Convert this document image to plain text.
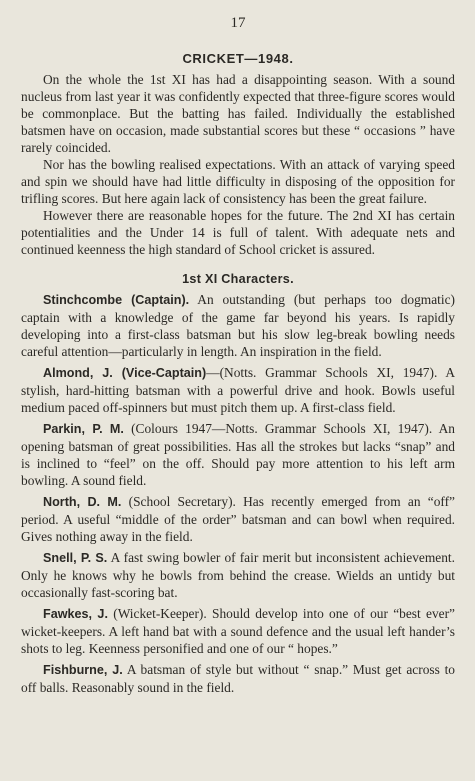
17
CRICKET—1948.

On the whole the 1st XI has had a disappointing season. With a sound nucleus from last year it was confidently expected that three-figure scores would be commonplace. But the batting has failed. Individually the established batsmen have on occasion, made substantial scores but these “ occasions ” have rarely coincided.

Nor has the bowling realised expectations. With an attack of varying speed and spin we should have had little difficulty in disposing of the opposition for trifling scores. But here again lack of consistency has been the great failure.

However there are reasonable hopes for the future. The 2nd XI has certain potentialities and the Under 14 is full of talent. With adequate nets and continued keenness the high standard of School cricket is assured.

1st XI Characters.

Stinchcombe (Captain). An outstanding (but perhaps too dogmatic) captain with a knowledge of the game far beyond his years. Is rapidly developing into a first-class batsman but his slow leg-break bowling needs careful attention—particularly in length. An inspiration in the field.

Almond, J. (Vice-Captain)—(Notts. Grammar Schools XI, 1947). A stylish, hard-hitting batsman with a powerful drive and hook. Bowls useful medium paced off-spinners but must pitch them up. A first-class field.

Parkin, P. M. (Colours 1947—Notts. Grammar Schools XI, 1947). An opening batsman of great possibilities. Has all the strokes but lacks “snap” and is inclined to “feel” on the off. Should pay more attention to his left arm bowling. A sound field.

North, D. M. (School Secretary). Has recently emerged from an “off” period. A useful “middle of the order” batsman and can bowl when required. Gives nothing away in the field.

Snell, P. S. A fast swing bowler of fair merit but inconsistent achievement. Only he knows why he bowls from behind the crease. Wields an untidy but occasionally fast-scoring bat.

Fawkes, J. (Wicket-Keeper). Should develop into one of our “best ever” wicket-keepers. A left hand bat with a sound defence and the usual left hander’s shots to leg. Keenness personified and one of our “ hopes.”

Fishburne, J. A batsman of style but without “ snap.” Must get across to off balls. Reasonably sound in the field.
